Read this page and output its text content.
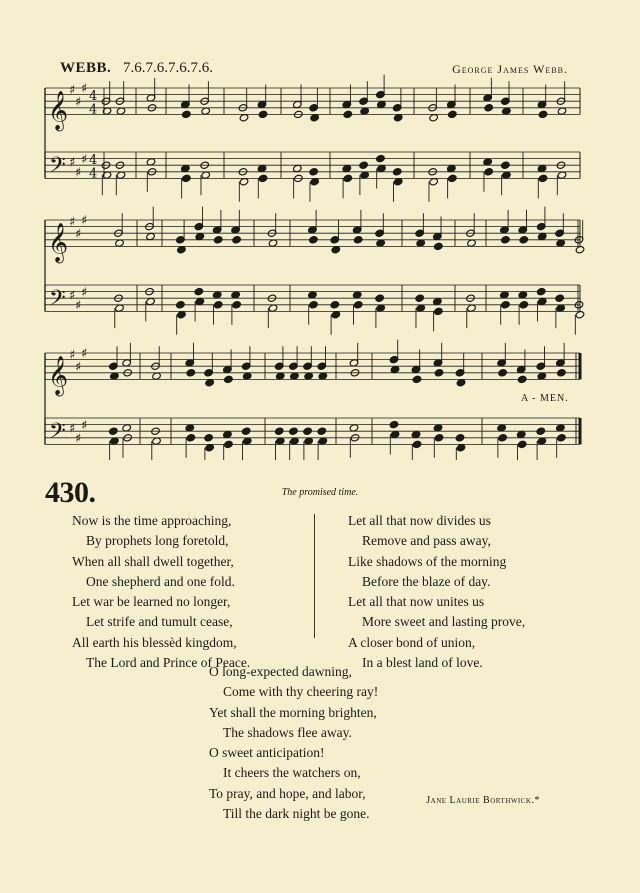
WEBB. 7.6.7.6.7.6.7.6.	George James Webb.
𝄞 ♯
♯
♯ 4
4
𝄢 ♯
♯
♯ 4
4
𝄞 ♯
♯
♯
𝄢 ♯
♯
♯
𝄞 ♯
♯
♯
𝄢 ♯
♯
♯
A - MEN.
430.	The promised time.
Now is the time approaching,
By prophets long foretold,
When all shall dwell together,
One shepherd and one fold.
Let war be learned no longer,
Let strife and tumult cease,
All earth his blessèd kingdom,
The Lord and Prince of Peace.
Let all that now divides us
Remove and pass away,
Like shadows of the morning
Before the blaze of day.
Let all that now unites us
More sweet and lasting prove,
A closer bond of union,
In a blest land of love.
O long-expected dawning,
Come with thy cheering ray!
Yet shall the morning brighten,
The shadows flee away.
O sweet anticipation!
It cheers the watchers on,
To pray, and hope, and labor,
Till the dark night be gone.
Jane Laurie Borthwick.*
